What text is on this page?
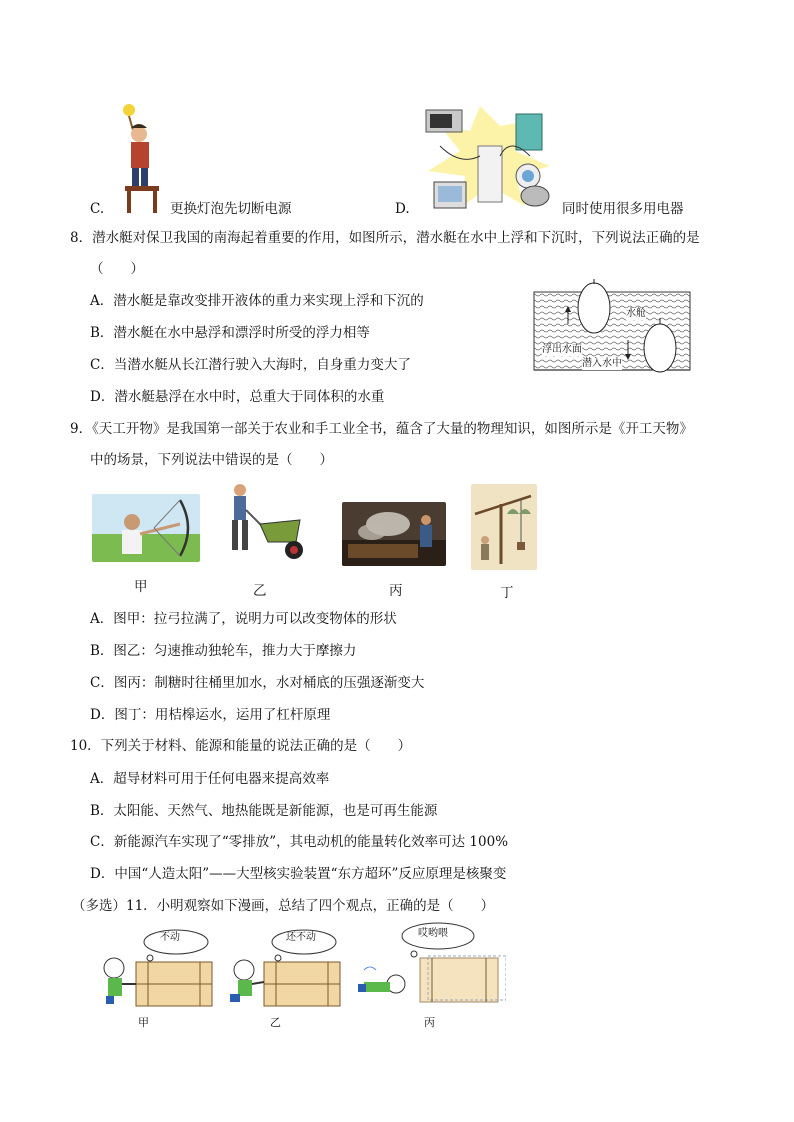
C.	更换灯泡先切断电源	D.	同时使用很多用电器
8．潜水艇对保卫我国的南海起着重要的作用，如图所示，潜水艇在水中上浮和下沉时，下列说法正确的是
（　　）
A．潜水艇是靠改变排开液体的重力来实现上浮和下沉的
B．潜水艇在水中悬浮和漂浮时所受的浮力相等
C．当潜水艇从长江潜行驶入大海时，自身重力变大了
D．潜水艇悬浮在水中时，总重大于同体积的水重
水舱
浮出水面
潜入水中
9．《天工开物》是我国第一部关于农业和手工业全书，蕴含了大量的物理知识，如图所示是《开工天物》
中的场景，下列说法中错误的是（　　）
甲	乙	丙	丁
A．图甲：拉弓拉满了，说明力可以改变物体的形状
B．图乙：匀速推动独轮车，推力大于摩擦力
C．图丙：制糖时往桶里加水，水对桶底的压强逐渐变大
D．图丁：用桔槔运水，运用了杠杆原理
10．下列关于材料、能源和能量的说法正确的是（　　）
A．超导材料可用于任何电器来提高效率
B．太阳能、天然气、地热能既是新能源，也是可再生能源
C．新能源汽车实现了“零排放”，其电动机的能量转化效率可达 100%
D．中国“人造太阳”——大型核实验装置“东方超环”反应原理是核聚变
（多选）11．小明观察如下漫画，总结了四个观点，正确的是（　　）
不动	还不动	哎哟喂
甲	乙	丙
